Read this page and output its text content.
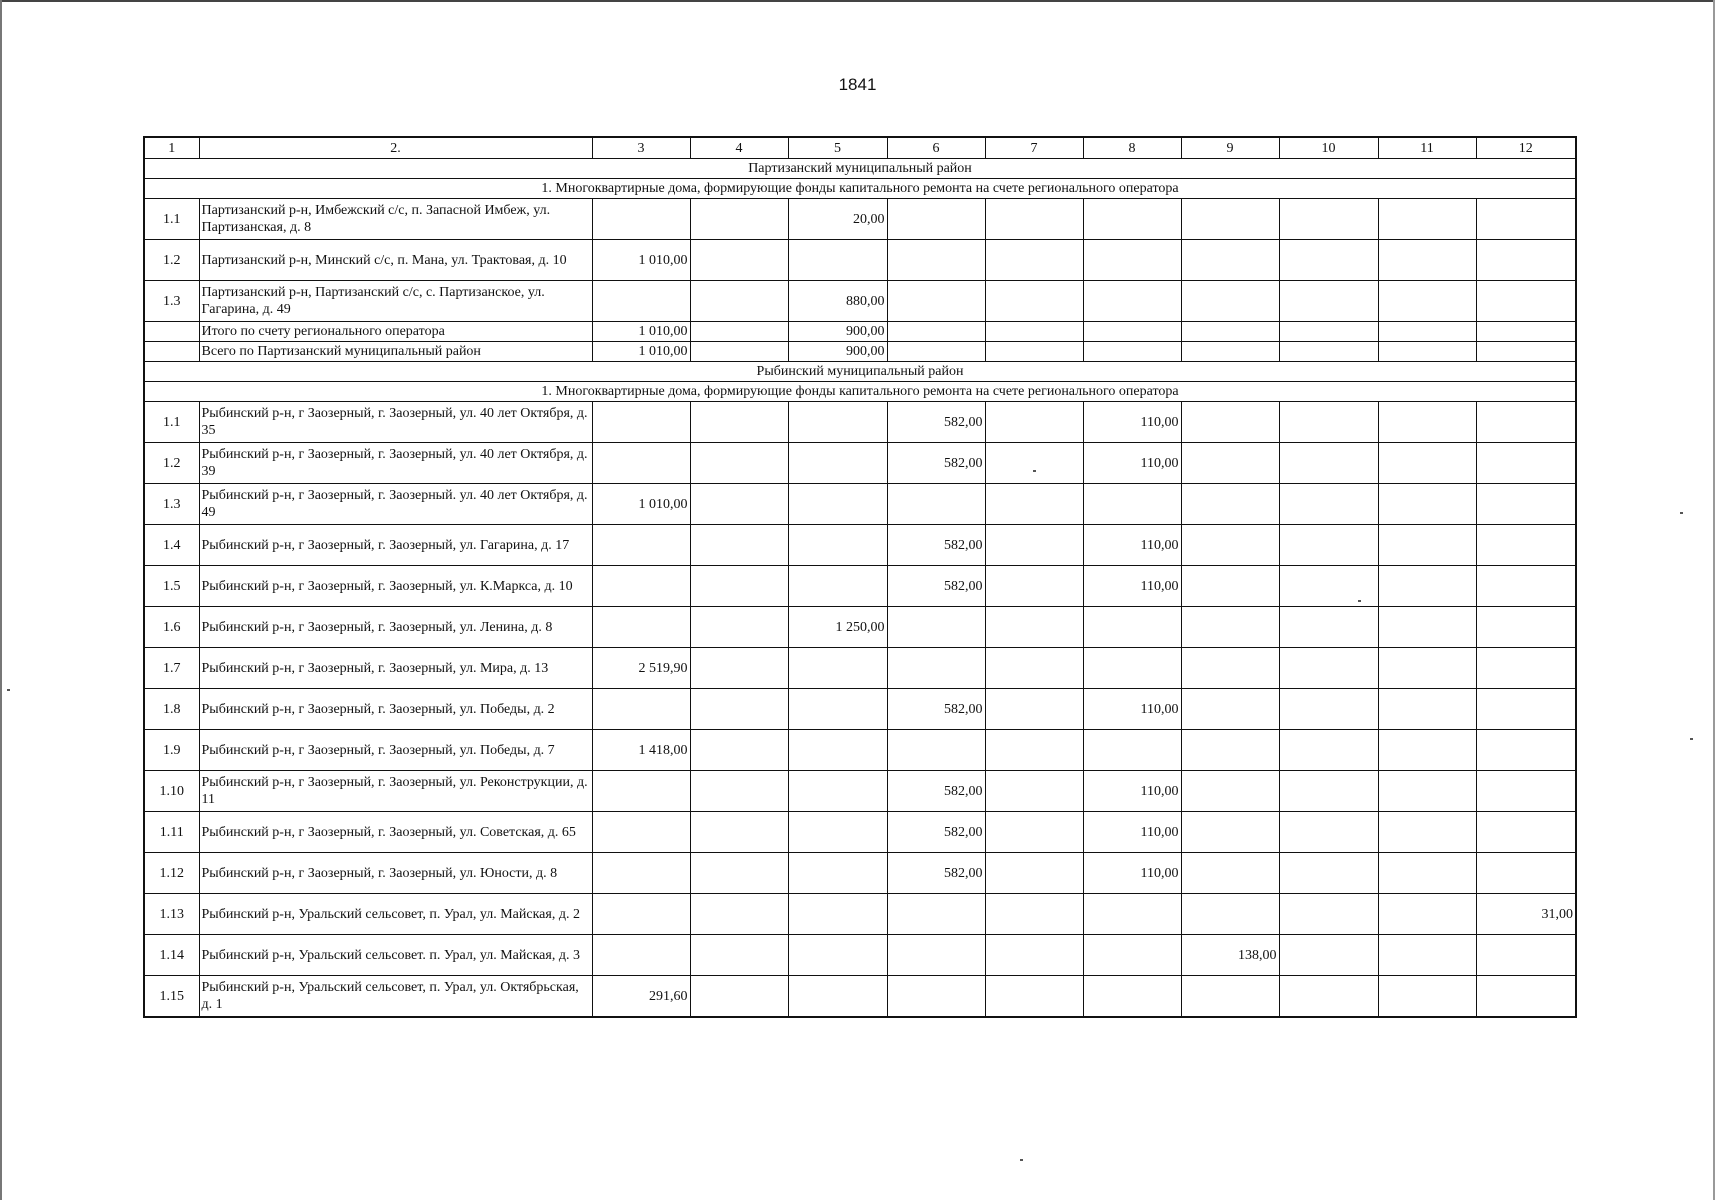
1841
1	2.	3	4	5	6	7	8	9	10	11	12
Партизанский муниципальный район											
1. Многоквартирные дома, формирующие фонды капитального ремонта на счете регионального оператора											
1.1	Партизанский р-н, Имбежский с/с, п. Запасной Имбеж, ул. Партизанская, д. 8			20,00							
1.2	Партизанский р-н, Минский с/с, п. Мана, ул. Трактовая, д. 10	1 010,00									
1.3	Партизанский р-н, Партизанский с/с, с. Партизанское, ул. Гагарина, д. 49			880,00							
	Итого по счету регионального оператора	1 010,00		900,00							
	Всего по Партизанский муниципальный район	1 010,00		900,00							
Рыбинский муниципальный район											
1. Многоквартирные дома, формирующие фонды капитального ремонта на счете регионального оператора											
1.1	Рыбинский р-н, г Заозерный, г. Заозерный, ул. 40 лет Октября, д. 35				582,00		110,00				
1.2	Рыбинский р-н, г Заозерный, г. Заозерный, ул. 40 лет Октября, д. 39				582,00		110,00				
1.3	Рыбинский р-н, г Заозерный, г. Заозерный. ул. 40 лет Октября, д. 49	1 010,00									
1.4	Рыбинский р-н, г Заозерный, г. Заозерный, ул. Гагарина, д. 17				582,00		110,00				
1.5	Рыбинский р-н, г Заозерный, г. Заозерный, ул. К.Маркса, д. 10				582,00		110,00				
1.6	Рыбинский р-н, г Заозерный, г. Заозерный, ул. Ленина, д. 8			1 250,00							
1.7	Рыбинский р-н, г Заозерный, г. Заозерный, ул. Мира, д. 13	2 519,90									
1.8	Рыбинский р-н, г Заозерный, г. Заозерный, ул. Победы, д. 2				582,00		110,00				
1.9	Рыбинский р-н, г Заозерный, г. Заозерный, ул. Победы, д. 7	1 418,00									
1.10	Рыбинский р-н, г Заозерный, г. Заозерный, ул. Реконструкции, д. 11				582,00		110,00				
1.11	Рыбинский р-н, г Заозерный, г. Заозерный, ул. Советская, д. 65				582,00		110,00				
1.12	Рыбинский р-н, г Заозерный, г. Заозерный, ул. Юности, д. 8				582,00		110,00				
1.13	Рыбинский р-н, Уральский сельсовет, п. Урал, ул. Майская, д. 2										31,00
1.14	Рыбинский р-н, Уральский сельсовет. п. Урал, ул. Майская, д. 3							138,00			
1.15	Рыбинский р-н, Уральский сельсовет, п. Урал, ул. Октябрьская, д. 1	291,60									
